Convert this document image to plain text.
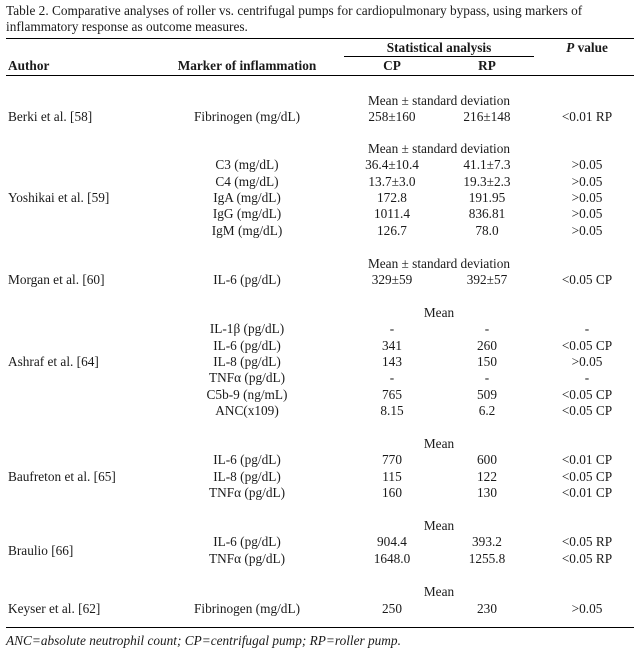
Table 2. Comparative analyses of roller vs. centrifugal pumps for cardiopulmonary bypass, using markers of inflammatory response as outcome measures.
Statistical analysis	P value
Author	Marker of inflammation	CP	RP
Berki et al. [58]
Mean ± standard deviation
Fibrinogen (mg/dL)	258±160	216±148	<0.01 RP
Yoshikai et al. [59]
Mean ± standard deviation
C3 (mg/dL)	36.4±10.4	41.1±7.3	>0.05
C4 (mg/dL)	13.7±3.0	19.3±2.3	>0.05
IgA (mg/dL)	172.8	191.95	>0.05
IgG (mg/dL)	1011.4	836.81	>0.05
IgM (mg/dL)	126.7	78.0	>0.05
Morgan et al. [60]
Mean ± standard deviation
IL-6 (pg/dL)	329±59	392±57	<0.05 CP
Ashraf et al. [64]
Mean
IL-1β (pg/dL)	-	-	-
IL-6 (pg/dL)	341	260	<0.05 CP
IL-8 (pg/dL)	143	150	>0.05
TNFα (pg/dL)	-	-	-
C5b-9 (ng/mL)	765	509	<0.05 CP
ANC(x109)	8.15	6.2	<0.05 CP
Baufreton et al. [65]
Mean
IL-6 (pg/dL)	770	600	<0.01 CP
IL-8 (pg/dL)	115	122	<0.05 CP
TNFα (pg/dL)	160	130	<0.01 CP
Braulio [66]
Mean
IL-6 (pg/dL)	904.4	393.2	<0.05 RP
TNFα (pg/dL)	1648.0	1255.8	<0.05 RP
Keyser et al. [62]
Mean
Fibrinogen (mg/dL)	250	230	>0.05
ANC=absolute neutrophil count; CP=centrifugal pump; RP=roller pump.
